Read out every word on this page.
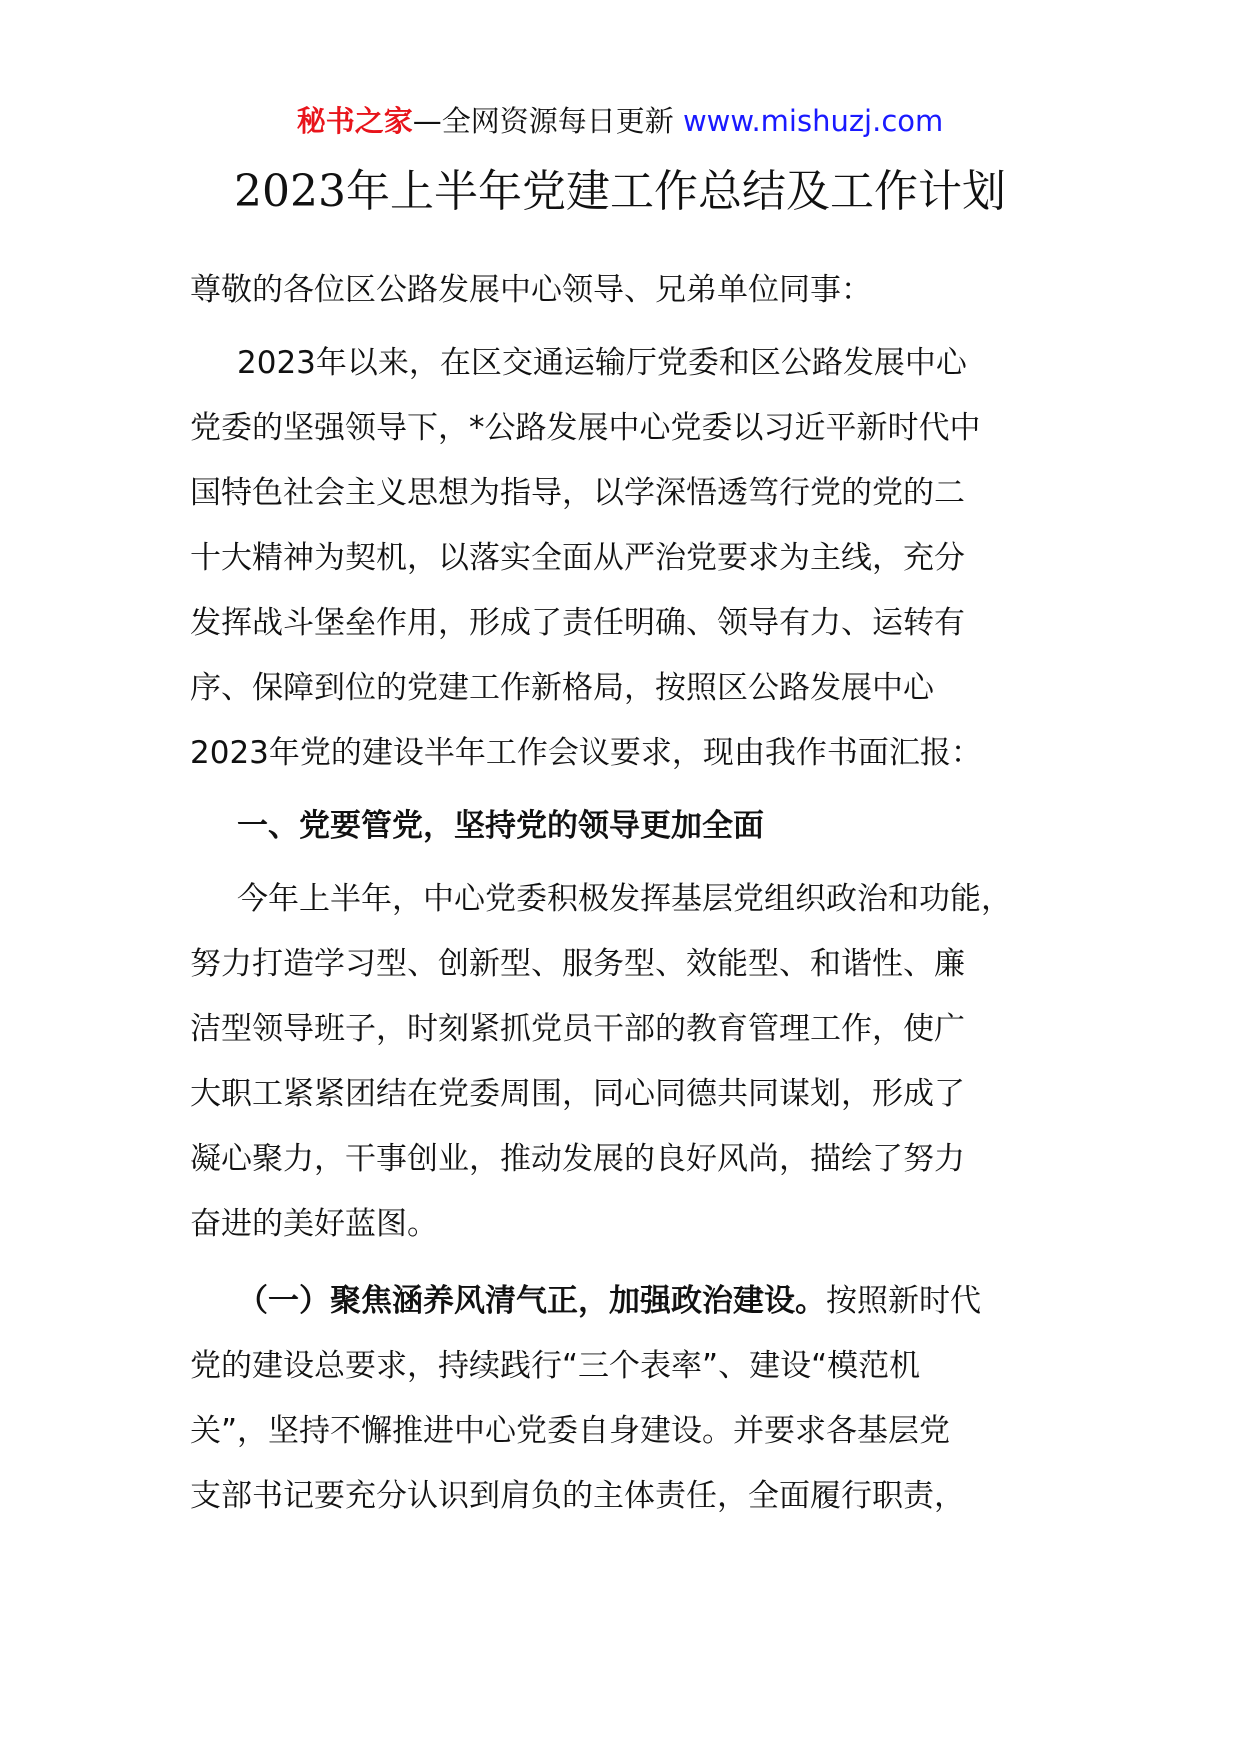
秘书之家—全网资源每日更新 www.mishuzj.com
2023年上半年党建工作总结及工作计划
尊敬的各位区公路发展中心领导、兄弟单位同事：
2023年以来，在区交通运输厅党委和区公路发展中心
党委的坚强领导下，*公路发展中心党委以习近平新时代中
国特色社会主义思想为指导，以学深悟透笃行党的党的二
十大精神为契机，以落实全面从严治党要求为主线，充分
发挥战斗堡垒作用，形成了责任明确、领导有力、运转有
序、保障到位的党建工作新格局，按照区公路发展中心
2023年党的建设半年工作会议要求，现由我作书面汇报：
一、党要管党，坚持党的领导更加全面
今年上半年，中心党委积极发挥基层党组织政治和功能，
努力打造学习型、创新型、服务型、效能型、和谐性、廉
洁型领导班子，时刻紧抓党员干部的教育管理工作，使广
大职工紧紧团结在党委周围，同心同德共同谋划，形成了
凝心聚力，干事创业，推动发展的良好风尚，描绘了努力
奋进的美好蓝图。
（一）聚焦涵养风清气正，加强政治建设。按照新时代
党的建设总要求，持续践行“三个表率”、建设“模范机
关”，坚持不懈推进中心党委自身建设。并要求各基层党
支部书记要充分认识到肩负的主体责任，全面履行职责，
